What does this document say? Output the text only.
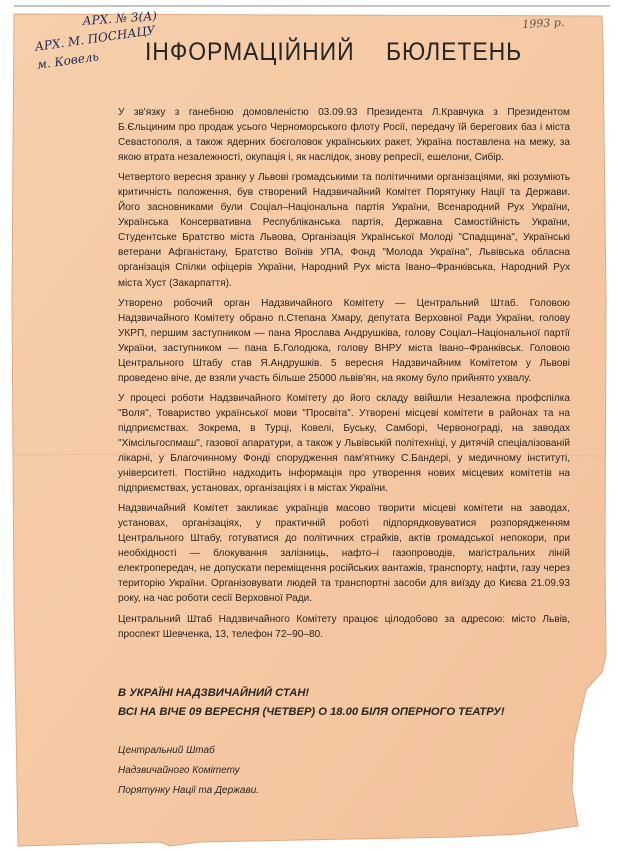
АРХ. № 3(А)
АРХ. М. ПОСНАЦУ
м. Ковель
1993 р.
ІНФОРМАЦІЙНИЙ БЮЛЕТЕНЬ

У зв'язку з ганебною домовленістю 03.09.93 Президента Л.Кравчука з Президентом Б.Єльциним про продаж усього Черноморського флоту Росії, передачу їй берегових баз і міста Севастополя, а також ядерних боєголовок українських ракет, Україна поставлена на межу, за якою втрата незалежності, окупація і, як наслідок, знову репресії, ешелони, Сибір.

Четвертого вересня зранку у Львові громадськими та політичними організаціями, які розуміють критичність положення, був створений Надзвичайний Комітет Порятунку Нації та Держави. Його засновниками були Соціал–Національна партія України, Всенародний Рух України, Українська Консервативна Республіканська партія, Державна Самостійність України, Студентське Братство міста Львова, Організація Української Молоді "Спадщина", Українські ветерани Афганістану, Братство Воїнів УПА, Фонд "Молода Україна", Львівська обласна організація Спілки офіцерів України, Народний Рух міста Івано–Франківська, Народний Рух міста Хуст (Закарпаття).

Утворено робочий орган Надзвичайного Комітету — Центральний Штаб. Головою Надзвичайного Комітету обрано п.Степана Хмару, депутата Верховної Ради України, голову УКРП, першим заступником — пана Ярослава Андрушківа, голову Соціал–Національної партії України, заступником — пана Б.Голодюка, голову ВНРУ міста Івано–Франківськ. Головою Центрального Штабу став Я.Андрушків. 5 вересня Надзвичайним Комітетом у Львові проведено віче, де взяли участь більше 25000 львів'ян, на якому було прийнято ухвалу.

У процесі роботи Надзвичайного Комітету до його складу ввійшли Незалежна профспілка "Воля", Товариство української мови "Просвіта". Утворені місцеві комітети в районах та на підприємствах. Зокрема, в Турці, Ковелі, Буську, Самборі, Червонограді, на заводах "Хімсільгоспмаш", газової апаратури, а також у Львівській політехніці, у дитячій спеціалізованій лікарні, у Благочинному Фонді спорудження пам'ятнику С.Бандері, у медичному інституті, університеті. Постійно надходить інформація про утворення нових місцевих комітетів на підприємствах, установах, організаціях і в містах України.

Надзвичайний Комітет закликає українців масово творити місцеві комітети на заводах, установах, організаціях, у практичній роботі підпорядковуватися розпорядженням Центрального Штабу, готуватися до політичних страйків, актів громадської непокори, при необхідності — блокування залізниць, нафто–і газопроводів, магістральних ліній електропередач, не допускати переміщення російських вантажів, транспорту, нафти, газу через територію України. Організовувати людей та транспортні засоби для виїзду до Києва 21.09.93 року, на час роботи сесії Верховної Ради.

Центральний Штаб Надзвичайного Комітету працює цілодобово за адресою: місто Львів, проспект Шевченка, 13, телефон 72–90–80.

В УКРАЇНІ НАДЗВИЧАЙНИЙ СТАН!
ВСІ НА ВІЧЕ 09 ВЕРЕСНЯ (ЧЕТВЕР) О 18.00 БІЛЯ ОПЕРНОГО ТЕАТРУ!
Центральний Штаб
Надзвичайного Комітету
Порятунку Нації та Держави.
